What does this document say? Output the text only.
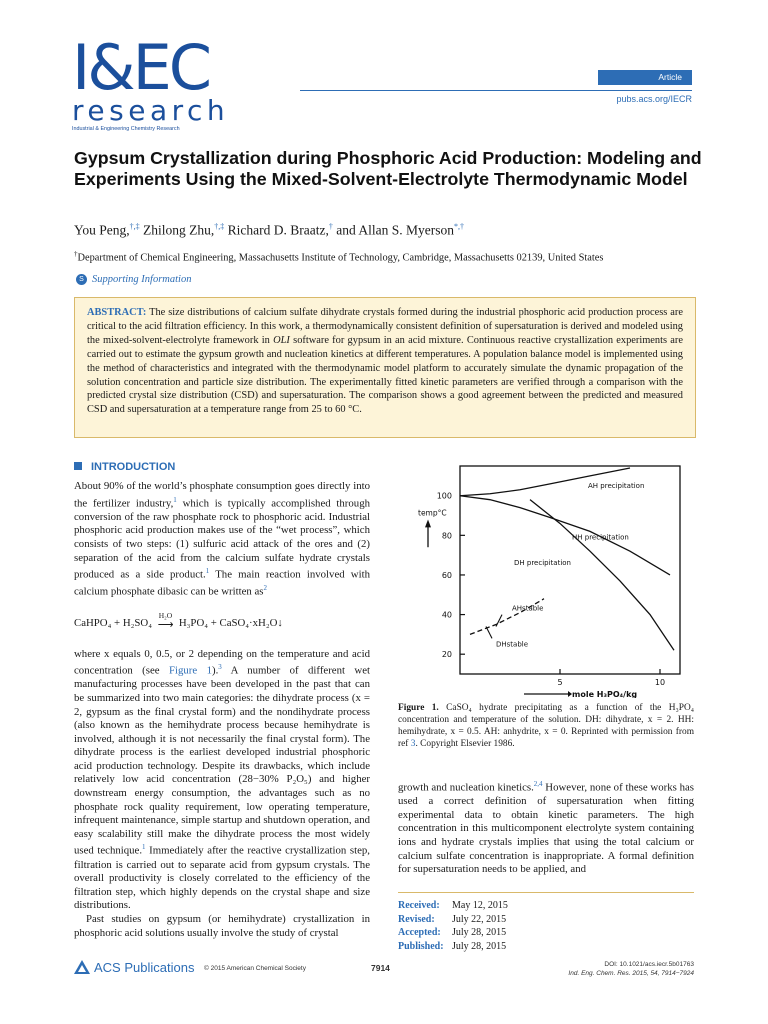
I&EC
research
Industrial & Engineering Chemistry Research
Article
pubs.acs.org/IECR
Gypsum Crystallization during Phosphoric Acid Production: Modeling and Experiments Using the Mixed-Solvent-Electrolyte Thermodynamic Model
You Peng,†,‡ Zhilong Zhu,†,‡ Richard D. Braatz,† and Allan S. Myerson*,†
†Department of Chemical Engineering, Massachusetts Institute of Technology, Cambridge, Massachusetts 02139, United States
S Supporting Information
ABSTRACT: The size distributions of calcium sulfate dihydrate crystals formed during the industrial phosphoric acid production process are critical to the acid filtration efficiency. In this work, a thermodynamically consistent definition of supersaturation is derived and modeled using the mixed-solvent-electrolyte framework in OLI software for gypsum in an acid mixture. Continuous reactive crystallization experiments are carried out to estimate the gypsum growth and nucleation kinetics at different temperatures. A population balance model is implemented using the method of characteristics and integrated with the thermodynamic model platform to accurately simulate the dynamic propagation of the solution concentration and particle size distribution. The experimentally fitted kinetic parameters are verified through a comparison with the predicted crystal size distribution (CSD) and supersaturation. The comparison shows a good agreement between the predicted and measured CSD and supersaturation at a temperature range from 25 to 60 °C.
INTRODUCTION

About 90% of the world’s phosphate consumption goes directly into the fertilizer industry,$^1$ which is typically accomplished through conversion of the raw phosphate rock to phosphoric acid. Industrial phosphoric acid production makes use of the “wet process”, which consists of two steps: (1) sulfuric acid attack of the ores and (2) separation of the acid from the calcium sulfate hydrate crystals produced as a side product.$^1$ The main reaction involved with calcium phosphate dibasic can be written as$^2$

CaHPO₄ + H₂SO₄
H₂O
⟶ H₃PO₄ + CaSO₄·xH₂O↓

where x equals 0, 0.5, or 2 depending on the temperature and acid concentration (see Figure 1).$^3$ A number of different wet manufacturing processes have been developed in the past that can be summarized into two main categories: the dihydrate process (x = 2, gypsum as the final crystal form) and the nondihydrate process (also known as the hemihydrate process because hemihydrate is involved, although it is not necessarily the final crystal form). The dihydrate process is the earliest developed industrial phosphoric acid production technology. Despite its drawbacks, which include relatively low acid concentration (28−30% P₂O₅) and higher downstream energy consumption, the advantages such as no phosphate rock quality requirement, low operating temperature, infrequent maintenance, simple startup and shutdown operation, and easy scalability still make the dihydrate process the most widely used technique.$^1$ Immediately after the reactive crystallization step, filtration is carried out to separate acid from gypsum crystals. The overall productivity is closely correlated to the efficiency of the filtration step, which highly depends on the crystal shape and size distributions.

Past studies on gypsum (or hemihydrate) crystallization in phosphoric acid solutions usually involve the study of crystal

20
40
60
80
100
5	10
temp°C
mole H₃PO₄/kg
AH precipitation
HH precipitation
DH precipitation
AHstable
DHstable
Figure 1. CaSO₄ hydrate precipitating as a function of the H₃PO₄ concentration and temperature of the solution. DH: dihydrate, x = 2. HH: hemihydrate, x = 0.5. AH: anhydrite, x = 0. Reprinted with permission from ref 3. Copyright Elsevier 1986.
growth and nucleation kinetics.$^{2,4}$ However, none of these works has used a correct definition of supersaturation when fitting experimental data to obtain kinetic parameters. The high concentration in this multicomponent electrolyte system containing ions and hydrate crystals implies that using the total calcium or calcium sulfate concentration is inappropriate. A formal definition for supersaturation needs to be applied, and
Received:	May 12, 2015
Revised:	July 22, 2015
Accepted:	July 28, 2015
Published: July 28, 2015
ACS Publications © 2015 American Chemical Society	7914	DOI: 10.1021/acs.iecr.5b01763
Ind. Eng. Chem. Res. 2015, 54, 7914−7924
